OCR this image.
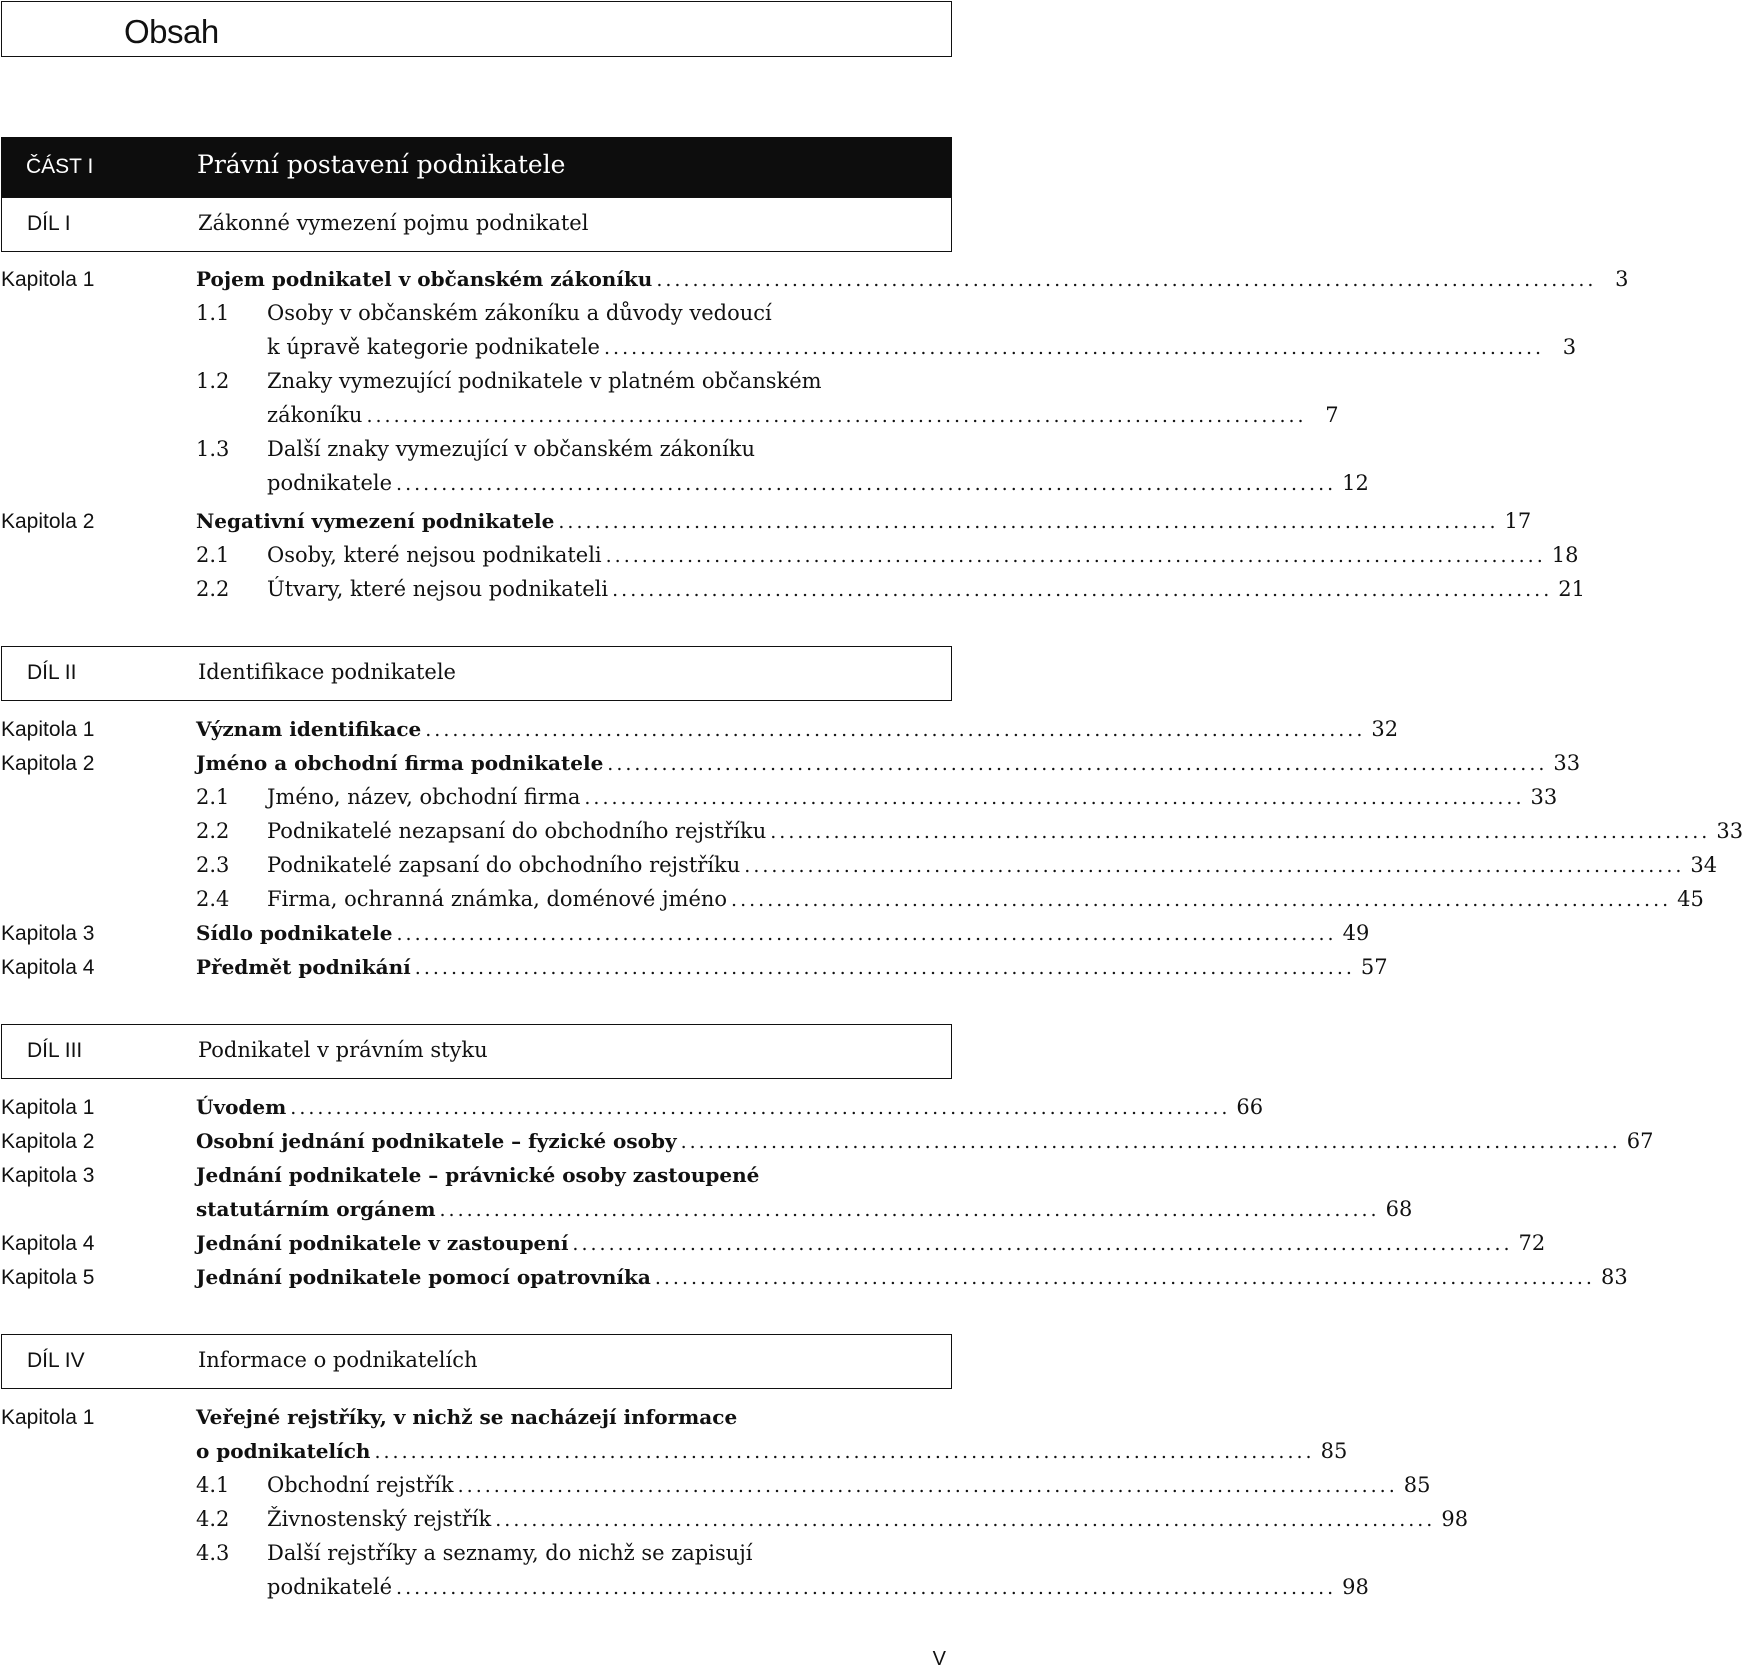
Obsah
ČÁST I	Právní postavení podnikatele
DÍL I	Zákonné vymezení pojmu podnikatel
Kapitola 1	Pojem podnikatel v občanském zákoníku ........................................................................................................ 3
1.1 Osoby v občanském zákoníku a důvody vedoucí
k úpravě kategorie podnikatele ........................................................................................................ 3
1.2 Znaky vymezující podnikatele v platném občanském
zákoníku ........................................................................................................ 7
1.3 Další znaky vymezující v občanském zákoníku
podnikatele ........................................................................................................ 12
Kapitola 2	Negativní vymezení podnikatele ........................................................................................................ 17
2.1 Osoby, které nejsou podnikateli ........................................................................................................ 18
2.2 Útvary, které nejsou podnikateli ........................................................................................................ 21
DÍL II	Identifikace podnikatele
Kapitola 1	Význam identifikace ........................................................................................................ 32
Kapitola 2	Jméno a obchodní firma podnikatele ........................................................................................................ 33
2.1 Jméno, název, obchodní firma ........................................................................................................ 33
2.2 Podnikatelé nezapsaní do obchodního rejstříku ........................................................................................................ 33
2.3 Podnikatelé zapsaní do obchodního rejstříku ........................................................................................................ 34
2.4 Firma, ochranná známka, doménové jméno ........................................................................................................ 45
Kapitola 3	Sídlo podnikatele ........................................................................................................ 49
Kapitola 4	Předmět podnikání ........................................................................................................ 57
DÍL III	Podnikatel v právním styku
Kapitola 1	Úvodem ........................................................................................................ 66
Kapitola 2	Osobní jednání podnikatele – fyzické osoby ........................................................................................................ 67
Kapitola 3	Jednání podnikatele – právnické osoby zastoupené
statutárním orgánem ........................................................................................................ 68
Kapitola 4	Jednání podnikatele v zastoupení ........................................................................................................ 72
Kapitola 5	Jednání podnikatele pomocí opatrovníka ........................................................................................................ 83
DÍL IV	Informace o podnikatelích
Kapitola 1	Veřejné rejstříky, v nichž se nacházejí informace
o podnikatelích ........................................................................................................ 85
4.1 Obchodní rejstřík ........................................................................................................ 85
4.2 Živnostenský rejstřík ........................................................................................................ 98
4.3 Další rejstříky a seznamy, do nichž se zapisují
podnikatelé ........................................................................................................ 98
V
